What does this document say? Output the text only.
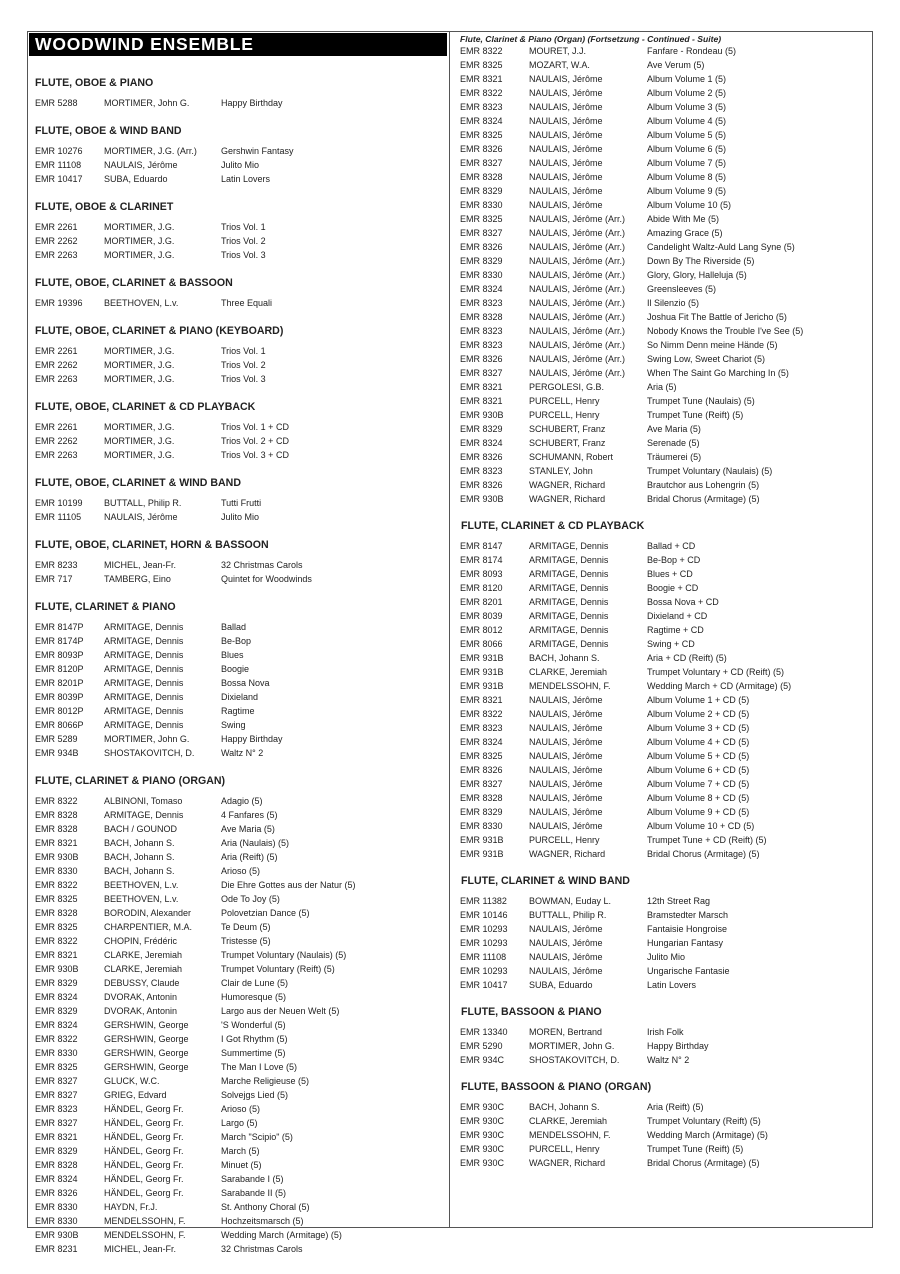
WOODWIND ENSEMBLE
FLUTE, OBOE & PIANO
EMR 5288	MORTIMER, John G.	Happy Birthday
FLUTE, OBOE & WIND BAND
EMR 10276	MORTIMER, J.G. (Arr.)	Gershwin Fantasy
EMR 11108	NAULAIS, Jérôme	Julito Mio
EMR 10417	SUBA, Eduardo	Latin Lovers
FLUTE, OBOE & CLARINET
EMR 2261	MORTIMER, J.G.	Trios Vol. 1
EMR 2262	MORTIMER, J.G.	Trios Vol. 2
EMR 2263	MORTIMER, J.G.	Trios Vol. 3
FLUTE, OBOE, CLARINET & BASSOON
EMR 19396	BEETHOVEN, L.v.	Three Equali
FLUTE, OBOE, CLARINET & PIANO (KEYBOARD)
EMR 2261	MORTIMER, J.G.	Trios Vol. 1
EMR 2262	MORTIMER, J.G.	Trios Vol. 2
EMR 2263	MORTIMER, J.G.	Trios Vol. 3
FLUTE, OBOE, CLARINET & CD PLAYBACK
EMR 2261	MORTIMER, J.G.	Trios Vol. 1 + CD
EMR 2262	MORTIMER, J.G.	Trios Vol. 2 + CD
EMR 2263	MORTIMER, J.G.	Trios Vol. 3 + CD
FLUTE, OBOE, CLARINET & WIND BAND
EMR 10199	BUTTALL, Philip R.	Tutti Frutti
EMR 11105	NAULAIS, Jérôme	Julito Mio
FLUTE, OBOE, CLARINET, HORN & BASSOON
EMR 8233	MICHEL, Jean-Fr.	32 Christmas Carols
EMR 717	TAMBERG, Eino	Quintet for Woodwinds
FLUTE, CLARINET & PIANO
EMR 8147P	ARMITAGE, Dennis	Ballad
EMR 8174P	ARMITAGE, Dennis	Be-Bop
EMR 8093P	ARMITAGE, Dennis	Blues
EMR 8120P	ARMITAGE, Dennis	Boogie
EMR 8201P	ARMITAGE, Dennis	Bossa Nova
EMR 8039P	ARMITAGE, Dennis	Dixieland
EMR 8012P	ARMITAGE, Dennis	Ragtime
EMR 8066P	ARMITAGE, Dennis	Swing
EMR 5289	MORTIMER, John G.	Happy Birthday
EMR 934B	SHOSTAKOVITCH, D.	Waltz N° 2
FLUTE, CLARINET & PIANO (ORGAN)
EMR 8322	ALBINONI, Tomaso	Adagio (5)
EMR 8328	ARMITAGE, Dennis	4 Fanfares (5)
EMR 8328	BACH / GOUNOD	Ave Maria (5)
EMR 8321	BACH, Johann S.	Aria (Naulais) (5)
EMR 930B	BACH, Johann S.	Aria (Reift) (5)
EMR 8330	BACH, Johann S.	Arioso (5)
EMR 8322	BEETHOVEN, L.v.	Die Ehre Gottes aus der Natur (5)
EMR 8325	BEETHOVEN, L.v.	Ode To Joy (5)
EMR 8328	BORODIN, Alexander	Polovetzian Dance (5)
EMR 8325	CHARPENTIER, M.A.	Te Deum (5)
EMR 8322	CHOPIN, Frédéric	Tristesse (5)
EMR 8321	CLARKE, Jeremiah	Trumpet Voluntary (Naulais) (5)
EMR 930B	CLARKE, Jeremiah	Trumpet Voluntary (Reift) (5)
EMR 8329	DEBUSSY, Claude	Clair de Lune (5)
EMR 8324	DVORAK, Antonin	Humoresque (5)
EMR 8329	DVORAK, Antonin	Largo aus der Neuen Welt (5)
EMR 8324	GERSHWIN, George	'S Wonderful (5)
EMR 8322	GERSHWIN, George	I Got Rhythm (5)
EMR 8330	GERSHWIN, George	Summertime (5)
EMR 8325	GERSHWIN, George	The Man I Love (5)
EMR 8327	GLUCK, W.C.	Marche Religieuse (5)
EMR 8327	GRIEG, Edvard	Solvejgs Lied (5)
EMR 8323	HÄNDEL, Georg Fr.	Arioso (5)
EMR 8327	HÄNDEL, Georg Fr.	Largo (5)
EMR 8321	HÄNDEL, Georg Fr.	March "Scipio" (5)
EMR 8329	HÄNDEL, Georg Fr.	March (5)
EMR 8328	HÄNDEL, Georg Fr.	Minuet (5)
EMR 8324	HÄNDEL, Georg Fr.	Sarabande I (5)
EMR 8326	HÄNDEL, Georg Fr.	Sarabande II (5)
EMR 8330	HAYDN, Fr.J.	St. Anthony Choral (5)
EMR 8330	MENDELSSOHN, F.	Hochzeitsmarsch (5)
EMR 930B	MENDELSSOHN, F.	Wedding March (Armitage) (5)
EMR 8231	MICHEL, Jean-Fr.	32 Christmas Carols
Flute, Clarinet & Piano (Organ) (Fortsetzung - Continued - Suite)
EMR 8322	MOURET, J.J.	Fanfare - Rondeau (5)
EMR 8325	MOZART, W.A.	Ave Verum (5)
EMR 8321	NAULAIS, Jérôme	Album Volume 1 (5)
EMR 8322	NAULAIS, Jérôme	Album Volume 2 (5)
EMR 8323	NAULAIS, Jérôme	Album Volume 3 (5)
EMR 8324	NAULAIS, Jérôme	Album Volume 4 (5)
EMR 8325	NAULAIS, Jérôme	Album Volume 5 (5)
EMR 8326	NAULAIS, Jérôme	Album Volume 6 (5)
EMR 8327	NAULAIS, Jérôme	Album Volume 7 (5)
EMR 8328	NAULAIS, Jérôme	Album Volume 8 (5)
EMR 8329	NAULAIS, Jérôme	Album Volume 9 (5)
EMR 8330	NAULAIS, Jérôme	Album Volume 10 (5)
EMR 8325	NAULAIS, Jérôme (Arr.)	Abide With Me (5)
EMR 8327	NAULAIS, Jérôme (Arr.)	Amazing Grace (5)
EMR 8326	NAULAIS, Jérôme (Arr.)	Candelight Waltz-Auld Lang Syne (5)
EMR 8329	NAULAIS, Jérôme (Arr.)	Down By The Riverside (5)
EMR 8330	NAULAIS, Jérôme (Arr.)	Glory, Glory, Halleluja (5)
EMR 8324	NAULAIS, Jérôme (Arr.)	Greensleeves (5)
EMR 8323	NAULAIS, Jérôme (Arr.)	Il Silenzio (5)
EMR 8328	NAULAIS, Jérôme (Arr.)	Joshua Fit The Battle of Jericho (5)
EMR 8323	NAULAIS, Jérôme (Arr.)	Nobody Knows the Trouble I've See (5)
EMR 8323	NAULAIS, Jérôme (Arr.)	So Nimm Denn meine Hände (5)
EMR 8326	NAULAIS, Jérôme (Arr.)	Swing Low, Sweet Chariot (5)
EMR 8327	NAULAIS, Jérôme (Arr.)	When The Saint Go Marching In (5)
EMR 8321	PERGOLESI, G.B.	Aria (5)
EMR 8321	PURCELL, Henry	Trumpet Tune (Naulais) (5)
EMR 930B	PURCELL, Henry	Trumpet Tune (Reift) (5)
EMR 8329	SCHUBERT, Franz	Ave Maria (5)
EMR 8324	SCHUBERT, Franz	Serenade (5)
EMR 8326	SCHUMANN, Robert	Träumerei (5)
EMR 8323	STANLEY, John	Trumpet Voluntary (Naulais) (5)
EMR 8326	WAGNER, Richard	Brautchor aus Lohengrin (5)
EMR 930B	WAGNER, Richard	Bridal Chorus (Armitage) (5)
FLUTE, CLARINET & CD PLAYBACK
EMR 8147	ARMITAGE, Dennis	Ballad + CD
EMR 8174	ARMITAGE, Dennis	Be-Bop + CD
EMR 8093	ARMITAGE, Dennis	Blues + CD
EMR 8120	ARMITAGE, Dennis	Boogie + CD
EMR 8201	ARMITAGE, Dennis	Bossa Nova + CD
EMR 8039	ARMITAGE, Dennis	Dixieland + CD
EMR 8012	ARMITAGE, Dennis	Ragtime + CD
EMR 8066	ARMITAGE, Dennis	Swing + CD
EMR 931B	BACH, Johann S.	Aria + CD (Reift) (5)
EMR 931B	CLARKE, Jeremiah	Trumpet Voluntary + CD (Reift) (5)
EMR 931B	MENDELSSOHN, F.	Wedding March + CD (Armitage) (5)
EMR 8321	NAULAIS, Jérôme	Album Volume 1 + CD (5)
EMR 8322	NAULAIS, Jérôme	Album Volume 2 + CD (5)
EMR 8323	NAULAIS, Jérôme	Album Volume 3 + CD (5)
EMR 8324	NAULAIS, Jérôme	Album Volume 4 + CD (5)
EMR 8325	NAULAIS, Jérôme	Album Volume 5 + CD (5)
EMR 8326	NAULAIS, Jérôme	Album Volume 6 + CD (5)
EMR 8327	NAULAIS, Jérôme	Album Volume 7 + CD (5)
EMR 8328	NAULAIS, Jérôme	Album Volume 8 + CD (5)
EMR 8329	NAULAIS, Jérôme	Album Volume 9 + CD (5)
EMR 8330	NAULAIS, Jérôme	Album Volume 10 + CD (5)
EMR 931B	PURCELL, Henry	Trumpet Tune + CD (Reift) (5)
EMR 931B	WAGNER, Richard	Bridal Chorus (Armitage) (5)
FLUTE, CLARINET & WIND BAND
EMR 11382	BOWMAN, Euday L.	12th Street Rag
EMR 10146	BUTTALL, Philip R.	Bramstedter Marsch
EMR 10293	NAULAIS, Jérôme	Fantaisie Hongroise
EMR 10293	NAULAIS, Jérôme	Hungarian Fantasy
EMR 11108	NAULAIS, Jérôme	Julito Mio
EMR 10293	NAULAIS, Jérôme	Ungarische Fantasie
EMR 10417	SUBA, Eduardo	Latin Lovers
FLUTE, BASSOON & PIANO
EMR 13340	MOREN, Bertrand	Irish Folk
EMR 5290	MORTIMER, John G.	Happy Birthday
EMR 934C	SHOSTAKOVITCH, D.	Waltz N° 2
FLUTE, BASSOON & PIANO (ORGAN)
EMR 930C	BACH, Johann S.	Aria (Reift) (5)
EMR 930C	CLARKE, Jeremiah	Trumpet Voluntary (Reift) (5)
EMR 930C	MENDELSSOHN, F.	Wedding March (Armitage) (5)
EMR 930C	PURCELL, Henry	Trumpet Tune (Reift) (5)
EMR 930C	WAGNER, Richard	Bridal Chorus (Armitage) (5)
